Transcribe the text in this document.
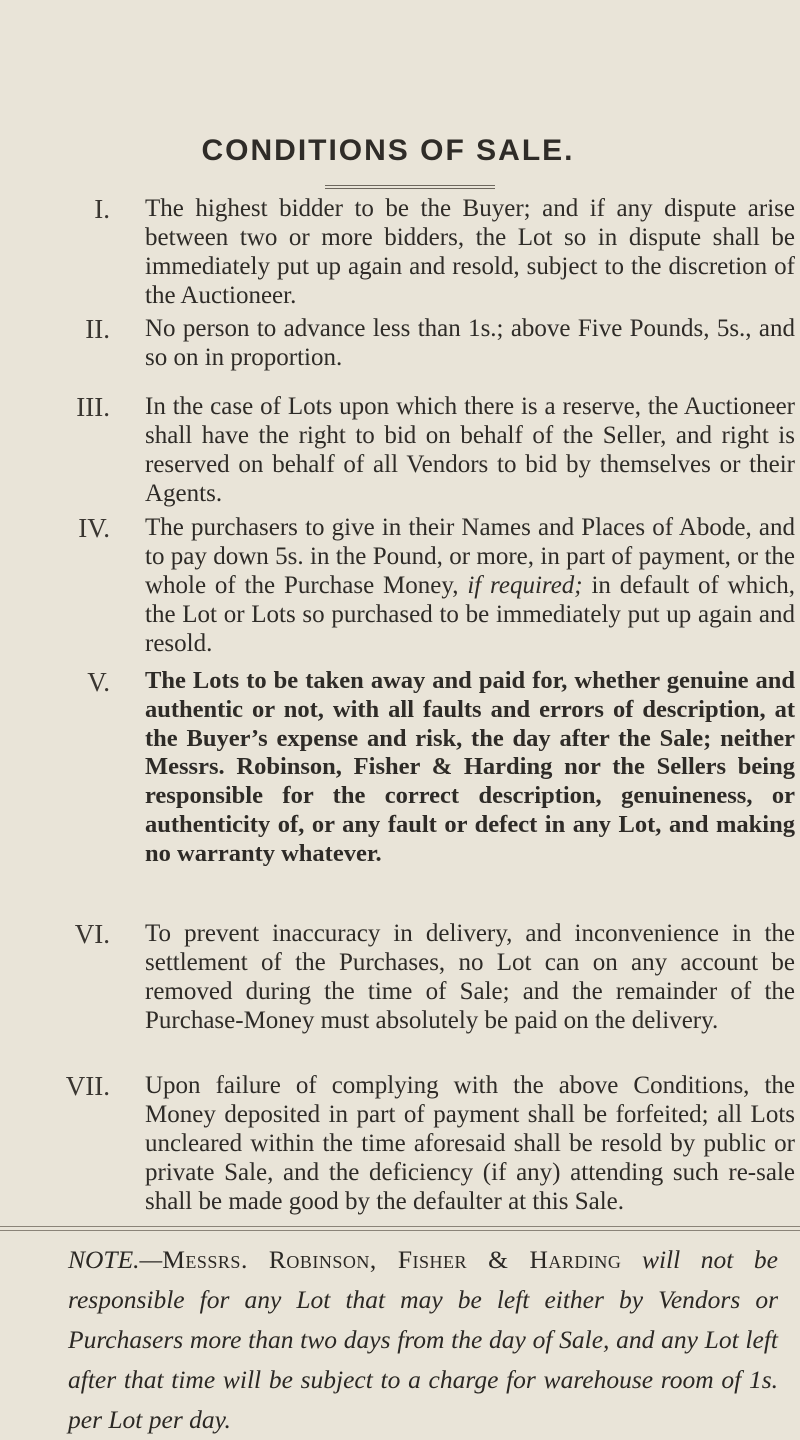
CONDITIONS OF SALE.
I. The highest bidder to be the Buyer; and if any dispute arise between two or more bidders, the Lot so in dispute shall be immediately put up again and resold, subject to the discretion of the Auctioneer.
II. No person to advance less than 1s.; above Five Pounds, 5s., and so on in proportion.
III. In the case of Lots upon which there is a reserve, the Auctioneer shall have the right to bid on behalf of the Seller, and right is reserved on behalf of all Vendors to bid by themselves or their Agents.
IV. The purchasers to give in their Names and Places of Abode, and to pay down 5s. in the Pound, or more, in part of payment, or the whole of the Purchase Money, if required; in default of which, the Lot or Lots so purchased to be immediately put up again and resold.
V. The Lots to be taken away and paid for, whether genuine and authentic or not, with all faults and errors of description, at the Buyer’s expense and risk, the day after the Sale; neither Messrs. Robinson, Fisher & Harding nor the Sellers being responsible for the correct description, genuineness, or authenticity of, or any fault or defect in any Lot, and making no warranty whatever.
VI. To prevent inaccuracy in delivery, and inconvenience in the settlement of the Purchases, no Lot can on any account be removed during the time of Sale; and the remainder of the Purchase-Money must absolutely be paid on the delivery.
VII. Upon failure of complying with the above Conditions, the Money deposited in part of payment shall be forfeited; all Lots uncleared within the time aforesaid shall be resold by public or private Sale, and the deficiency (if any) attending such re-sale shall be made good by the defaulter at this Sale.
NOTE.—Messrs. Robinson, Fisher & Harding will not be responsible for any Lot that may be left either by Vendors or Purchasers more than two days from the day of Sale, and any Lot left after that time will be subject to a charge for warehouse room of 1s. per Lot per day.
